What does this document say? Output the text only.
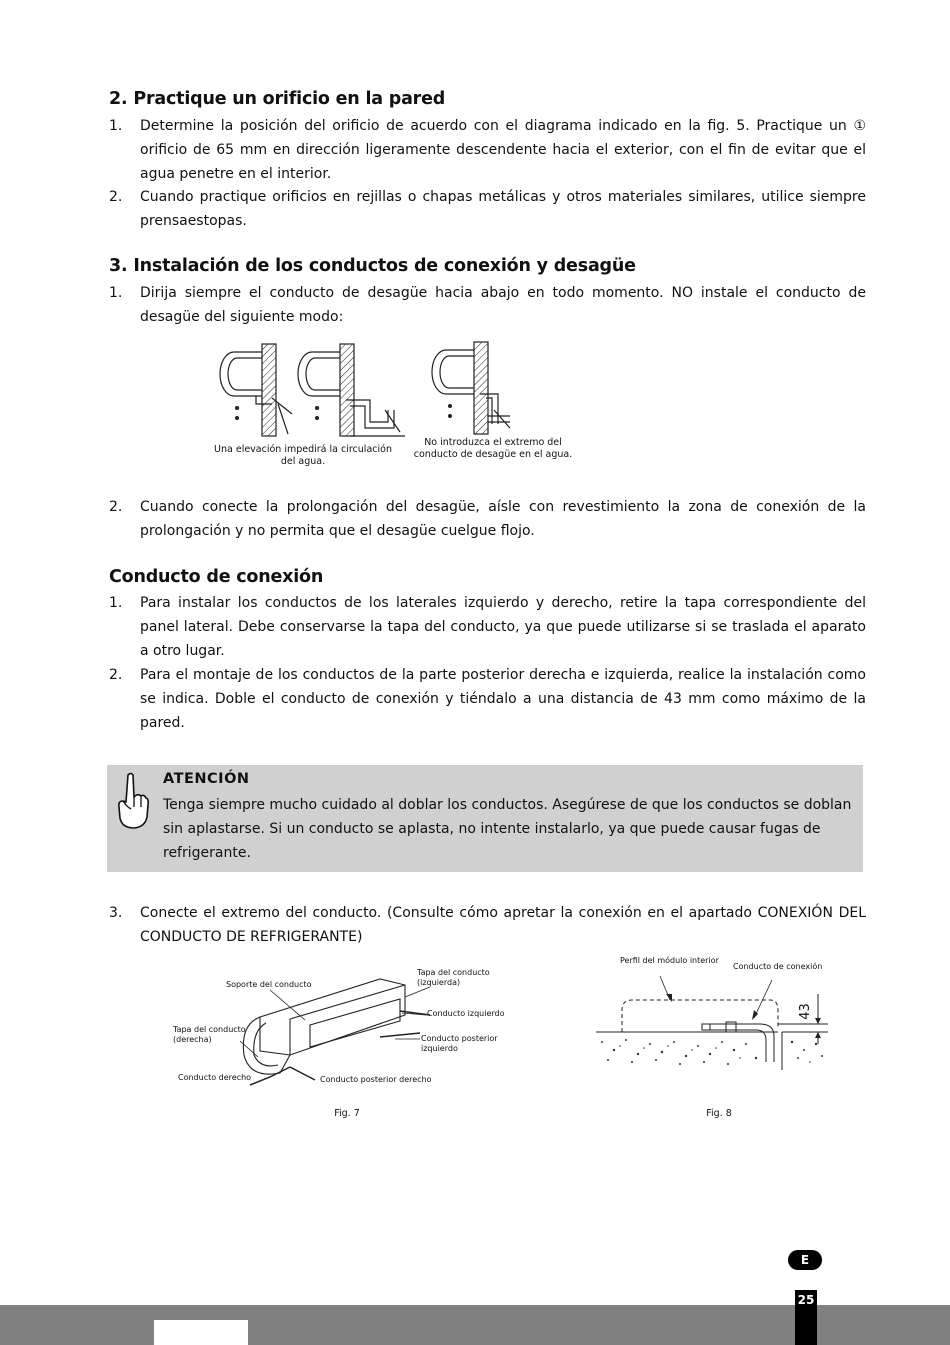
2. Practique un orificio en la pared
1. Determine la posición del orificio de acuerdo con el diagrama indicado en la fig. 5. Practique un ① orificio de 65 mm en dirección ligeramente descendente hacia el exterior, con el fin de evitar que el agua penetre en el interior.
2. Cuando practique orificios en rejillas o chapas metálicas y otros materiales similares, utilice siempre prensaestopas.
3. Instalación de los conductos de conexión y desagüe
1. Dirija siempre el conducto de desagüe hacia abajo en todo momento. NO instale el conducto de desagüe del siguiente modo:
Una elevación impedirá la circulación del agua.
No introduzca el extremo del conducto de desagüe en el agua.
2. Cuando conecte la prolongación del desagüe, aísle con revestimiento la zona de conexión de la prolongación y no permita que el desagüe cuelgue flojo.
Conducto de conexión
1. Para instalar los conductos de los laterales izquierdo y derecho, retire la tapa correspondiente del panel lateral. Debe conservarse la tapa del conducto, ya que puede utilizarse si se traslada el aparato a otro lugar.
2. Para el montaje de los conductos de la parte posterior derecha e izquierda, realice la instalación como se indica. Doble el conducto de conexión y tiéndalo a una distancia de 43 mm como máximo de la pared.
ATENCIÓN
Tenga siempre mucho cuidado al doblar los conductos. Asegúrese de que los conductos se doblan sin aplastarse. Si un conducto se aplasta, no intente instalarlo, ya que puede causar fugas de refrigerante.
3. Conecte el extremo del conducto. (Consulte cómo apretar la conexión en el apartado CONEXIÓN DEL CONDUCTO DE REFRIGERANTE)
Soporte del conducto
Tapa del conducto (izquierda)
Conducto izquierdo
Tapa del conducto (derecha)	Conducto posterior izquierdo
Conducto derecho	Conducto posterior derecho
Fig. 7
Perfil del módulo interior
Conducto de conexión
43
Fig. 8
E
25
